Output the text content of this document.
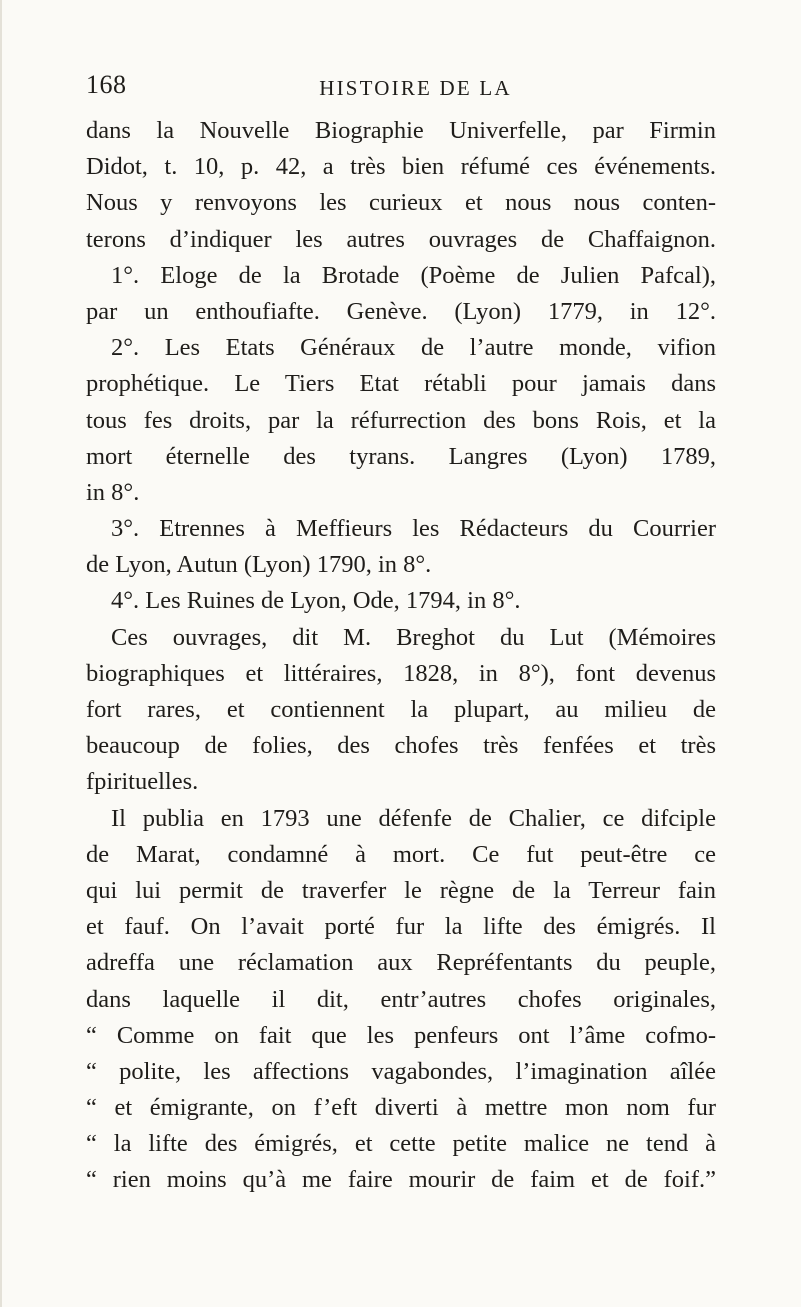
168	HISTOIRE DE LA
dans la Nouvelle Biographie Univerfelle, par Firmin
Didot, t. 10, p. 42, a très bien réfumé ces événements.
Nous y renvoyons les curieux et nous nous conten-
terons d’indiquer les autres ouvrages de Chaffaignon.
1°. Eloge de la Brotade (Poème de Julien Pafcal),
par un enthoufiafte. Genève. (Lyon) 1779, in 12°.
2°. Les Etats Généraux de l’autre monde, vifion
prophétique. Le Tiers Etat rétabli pour jamais dans
tous fes droits, par la réfurrection des bons Rois, et la
mort éternelle des tyrans. Langres (Lyon) 1789,
in 8°.
3°. Etrennes à Meffieurs les Rédacteurs du Courrier
de Lyon, Autun (Lyon) 1790, in 8°.
4°. Les Ruines de Lyon, Ode, 1794, in 8°.
Ces ouvrages, dit M. Breghot du Lut (Mémoires
biographiques et littéraires, 1828, in 8°), font devenus
fort rares, et contiennent la plupart, au milieu de
beaucoup de folies, des chofes très fenfées et très
fpirituelles.
Il publia en 1793 une défenfe de Chalier, ce difciple
de Marat, condamné à mort. Ce fut peut-être ce
qui lui permit de traverfer le règne de la Terreur fain
et fauf. On l’avait porté fur la lifte des émigrés. Il
adreffa une réclamation aux Repréfentants du peuple,
dans laquelle il dit, entr’autres chofes originales,
“ Comme on fait que les penfeurs ont l’âme cofmo-
“ polite, les affections vagabondes, l’imagination aîlée
“ et émigrante, on f’eft diverti à mettre mon nom fur
“ la lifte des émigrés, et cette petite malice ne tend à
“ rien moins qu’à me faire mourir de faim et de foif.”
